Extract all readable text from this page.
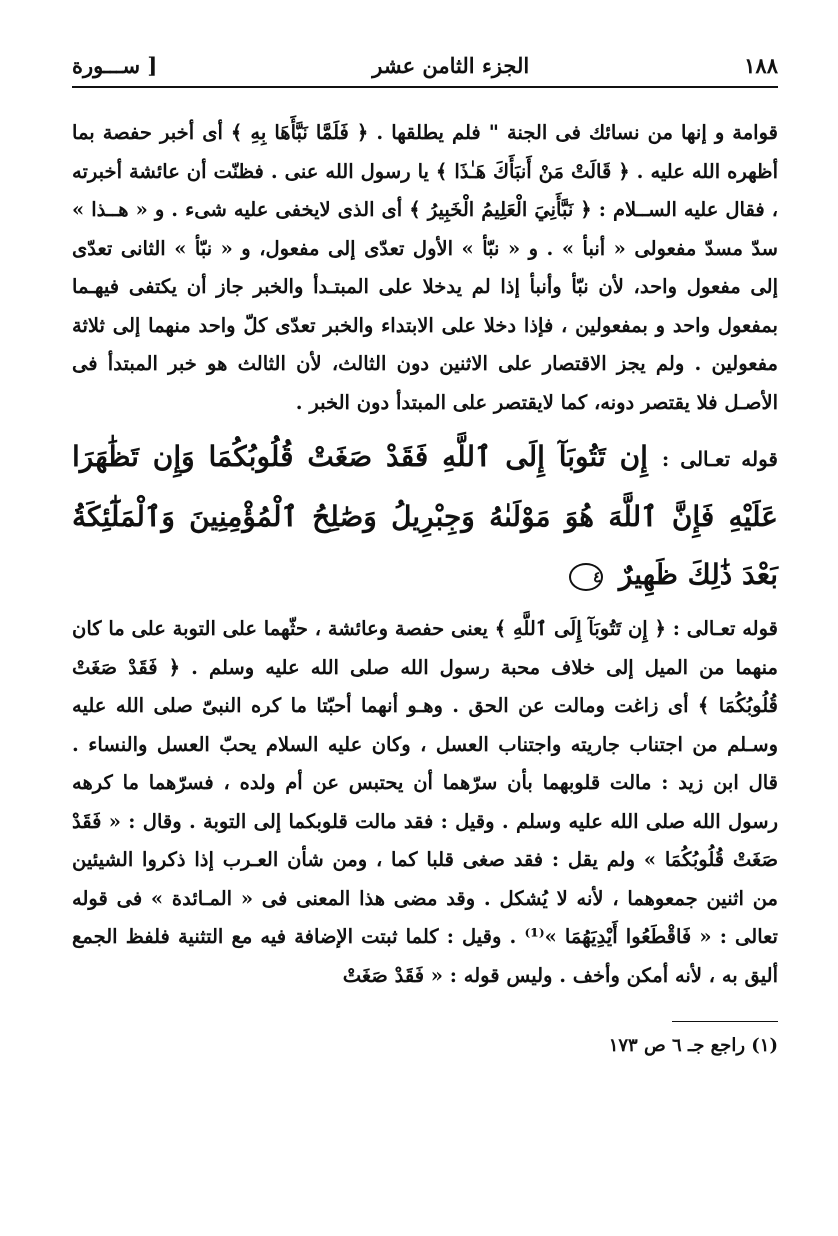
١٨٨
الجزء الثامن عشر
[ ســـورة

قوامة و إنها من نسائك فى الجنة " فلم يطلقها . ﴿ فَلَمَّا نَبَّأَهَا بِهِ ﴾ أى أخبر حفصة بما أظهره الله عليه . ﴿ قَالَتْ مَنْ أَنبَأَكَ هَـٰذَا ﴾ يا رسول الله عنى . فظنّت أن عائشة أخبرته ، فقال عليه الســلام : ﴿ نَبَّأَنِيَ الْعَلِيمُ الْخَبِيرُ ﴾ أى الذى لايخفى عليه شىء . و « هــذا » سدّ مسدّ مفعولى « أنبأ » . و « نبّأ » الأول تعدّى إلى مفعول، و « نبّأ » الثانى تعدّى إلى مفعول واحد، لأن نبّأ وأنبأ إذا لم يدخلا على المبتـدأ والخبر جاز أن يكتفى فيهـما بمفعول واحد و بمفعولين ، فإذا دخلا على الابتداء والخبر تعدّى كلّ واحد منهما إلى ثلاثة مفعولين . ولم يجز الاقتصار على الاثنين دون الثالث، لأن الثالث هو خبر المبتدأ فى الأصـل فلا يقتصر دونه، كما لايقتصر على المبتدأ دون الخبر .

قوله تعـالى : إِن تَتُوبَآ إِلَى ٱللَّهِ فَقَدْ صَغَتْ قُلُوبُكُمَا وَإِن تَظَٰهَرَا عَلَيْهِ فَإِنَّ ٱللَّهَ هُوَ مَوْلَىٰهُ وَجِبْرِيلُ وَصَٰلِحُ ٱلْمُؤْمِنِينَ وَٱلْمَلَٰٓئِكَةُ بَعْدَ ذَٰلِكَ ظَهِيرٌ ٤

قوله تعـالى : ﴿ إِن تَتُوبَآ إِلَى ٱللَّهِ ﴾ يعنى حفصة وعائشة ، حثّهما على التوبة على ما كان منهما من الميل إلى خلاف محبة رسول الله صلى الله عليه وسلم . ﴿ فَقَدْ صَغَتْ قُلُوبُكُمَا ﴾ أى زاغت ومالت عن الحق . وهـو أنهما أحبّتا ما كره النبىّ صلى الله عليه وسـلم من اجتناب جاريته واجتناب العسل ، وكان عليه السلام يحبّ العسل والنساء . قال ابن زيد : مالت قلوبهما بأن سرّهما أن يحتبس عن أم ولده ، فسرّهما ما كرهه رسول الله صلى الله عليه وسلم . وقيل : فقد مالت قلوبكما إلى التوبة . وقال : « فَقَدْ صَغَتْ قُلُوبُكُمَا » ولم يقل : فقد صغى قلبا كما ، ومن شأن العـرب إذا ذكروا الشيئين من اثنين جمعوهما ، لأنه لا يُشكل . وقد مضى هذا المعنى فى « المـائدة » فى قوله تعالى : « فَاقْطَعُوا أَيْدِيَهُمَا »⁽¹⁾ . وقيل : كلما ثبتت الإضافة فيه مع التثنية فلفظ الجمع أليق به ، لأنه أمكن وأخف . وليس قوله : « فَقَدْ صَغَتْ

(١) راجع جـ ٦ ص ١٧٣
